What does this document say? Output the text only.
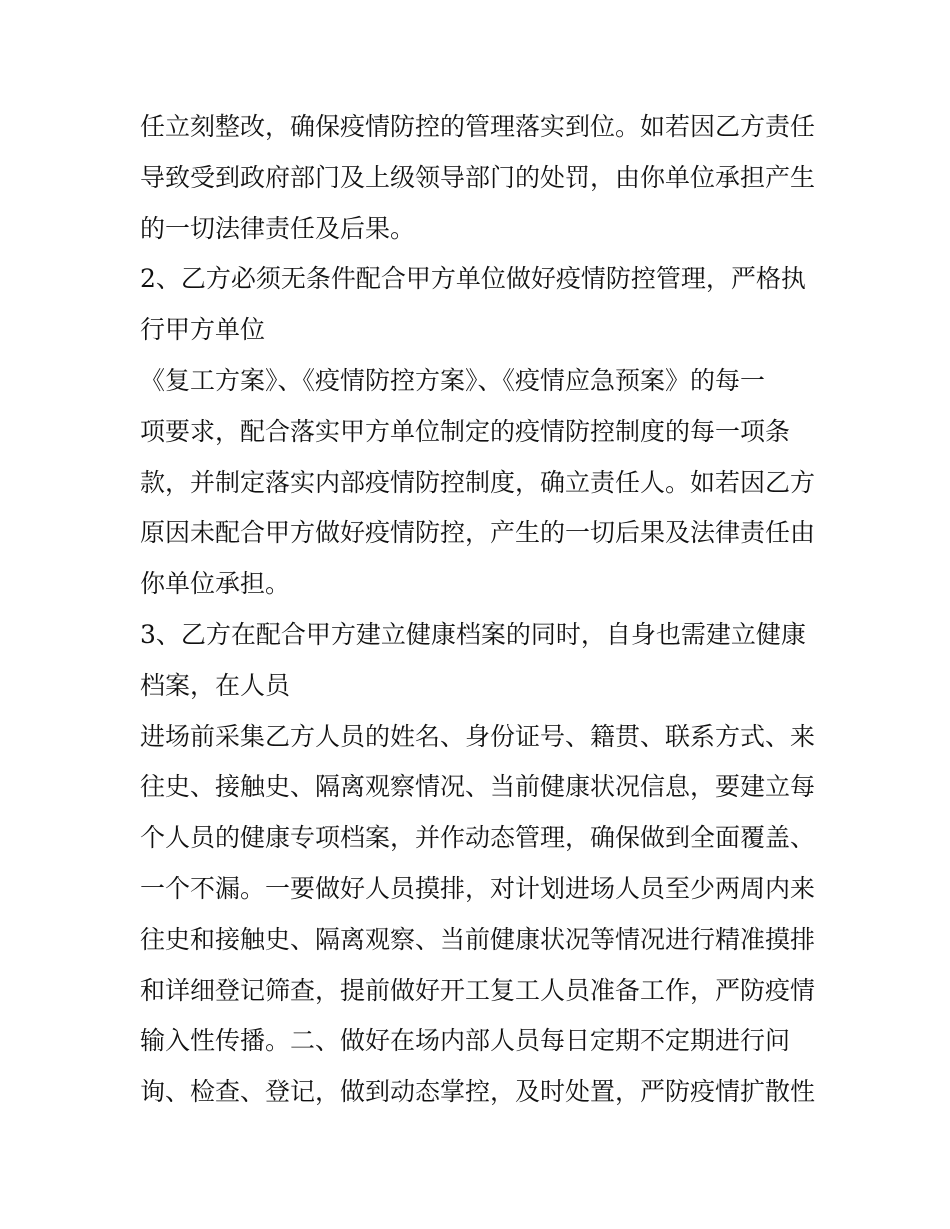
任立刻整改，确保疫情防控的管理落实到位。如若因乙方责任
导致受到政府部门及上级领导部门的处罚，由你单位承担产生
的一切法律责任及后果。
2、乙方必须无条件配合甲方单位做好疫情防控管理，严格执
行甲方单位
《复工方案》、《疫情防控方案》、《疫情应急预案》的每一
项要求，配合落实甲方单位制定的疫情防控制度的每一项条
款，并制定落实内部疫情防控制度，确立责任人。如若因乙方
原因未配合甲方做好疫情防控，产生的一切后果及法律责任由
你单位承担。
3、乙方在配合甲方建立健康档案的同时，自身也需建立健康
档案，在人员
进场前采集乙方人员的姓名、身份证号、籍贯、联系方式、来
往史、接触史、隔离观察情况、当前健康状况信息，要建立每
个人员的健康专项档案，并作动态管理，确保做到全面覆盖、
一个不漏。一要做好人员摸排，对计划进场人员至少两周内来
往史和接触史、隔离观察、当前健康状况等情况进行精准摸排
和详细登记筛查，提前做好开工复工人员准备工作，严防疫情
输入性传播。二、做好在场内部人员每日定期不定期进行问
询、检查、登记，做到动态掌控，及时处置，严防疫情扩散性
